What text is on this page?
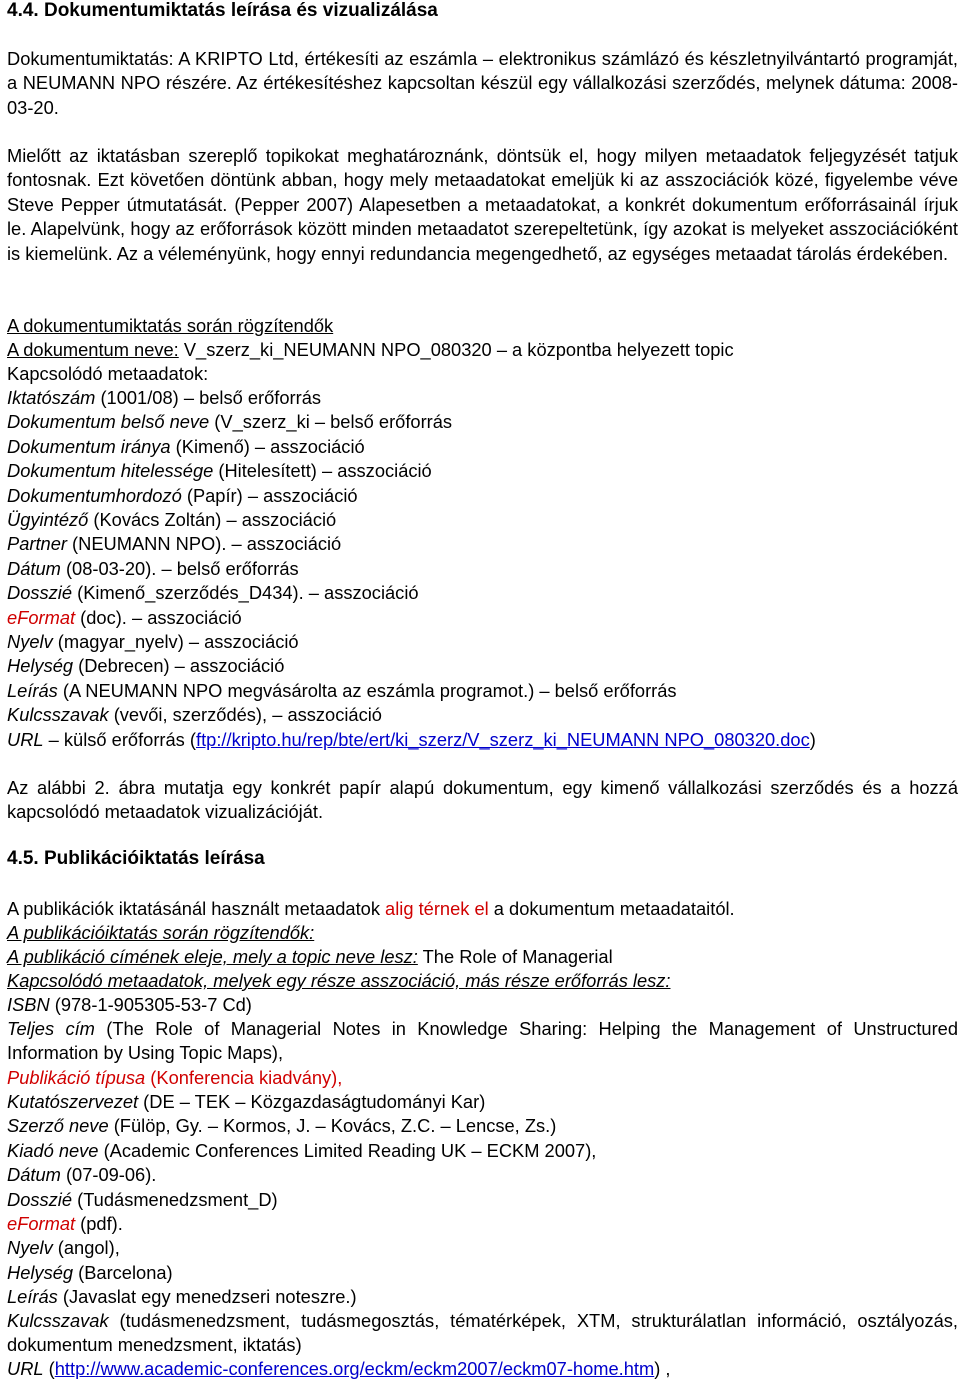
4.4. Dokumentumiktatás leírása és vizualizálása

Dokumentumiktatás: A KRIPTO Ltd, értékesíti az eszámla – elektronikus számlázó és készletnyilvántartó programját, a NEUMANN NPO részére. Az értékesítéshez kapcsoltan készül egy vállalkozási szerződés, melynek dátuma: 2008-03-20.

Mielőtt az iktatásban szereplő topikokat meghatároznánk, döntsük el, hogy milyen metaadatok feljegyzését tatjuk fontosnak. Ezt követően döntünk abban, hogy mely metaadatokat emeljük ki az asszociációk közé, figyelembe véve Steve Pepper útmutatását. (Pepper 2007) Alapesetben a metaadatokat, a konkrét dokumentum erőforrásainál írjuk le. Alapelvünk, hogy az erőforrások között minden metaadatot szerepeltetünk, így azokat is melyeket asszociációként is kiemelünk. Az a véleményünk, hogy ennyi redundancia megengedhető, az egységes metaadat tárolás érdekében.

A dokumentumiktatás során rögzítendők
A dokumentum neve: V_szerz_ki_NEUMANN NPO_080320 – a központba helyezett topic
Kapcsolódó metaadatok:
Iktatószám (1001/08) – belső erőforrás
Dokumentum belső neve (V_szerz_ki – belső erőforrás
Dokumentum iránya (Kimenő) – asszociáció
Dokumentum hitelessége (Hitelesített) – asszociáció
Dokumentumhordozó (Papír) – asszociáció
Ügyintéző (Kovács Zoltán) – asszociáció
Partner (NEUMANN NPO). – asszociáció
Dátum (08-03-20). – belső erőforrás
Dosszié (Kimenő_szerződés_D434). – asszociáció
eFormat (doc). – asszociáció
Nyelv (magyar_nyelv) – asszociáció
Helység (Debrecen) – asszociáció
Leírás (A NEUMANN NPO megvásárolta az eszámla programot.) – belső erőforrás
Kulcsszavak (vevői, szerződés), – asszociáció
URL – külső erőforrás (ftp://kripto.hu/rep/bte/ert/ki_szerz/V_szerz_ki_NEUMANN NPO_080320.doc)

Az alábbi 2. ábra mutatja egy konkrét papír alapú dokumentum, egy kimenő vállalkozási szerződés és a hozzá kapcsolódó metaadatok vizualizációját.

4.5. Publikációiktatás leírása
A publikációk iktatásánál használt metaadatok alig térnek el a dokumentum metaadataitól.
A publikációiktatás során rögzítendők:
A publikáció címének eleje, mely a topic neve lesz: The Role of Managerial
Kapcsolódó metaadatok, melyek egy része asszociáció, más része erőforrás lesz:
ISBN (978-1-905305-53-7 Cd)
Teljes cím (The Role of Managerial Notes in Knowledge Sharing: Helping the Management of Unstructured Information by Using Topic Maps),
Publikáció típusa (Konferencia kiadvány),
Kutatószervezet (DE – TEK – Közgazdaságtudományi Kar)
Szerző neve (Fülöp, Gy. – Kormos, J. – Kovács, Z.C. – Lencse, Zs.)
Kiadó neve (Academic Conferences Limited Reading UK – ECKM 2007),
Dátum (07-09-06).
Dosszié (Tudásmenedzsment_D)
eFormat (pdf).
Nyelv (angol),
Helység (Barcelona)
Leírás (Javaslat egy menedzseri noteszre.)
Kulcsszavak (tudásmenedzsment, tudásmegosztás, tématérképek, XTM, strukturálatlan információ, osztályozás, dokumentum menedzsment, iktatás)
URL (http://www.academic-conferences.org/eckm/eckm2007/eckm07-home.htm) ,
